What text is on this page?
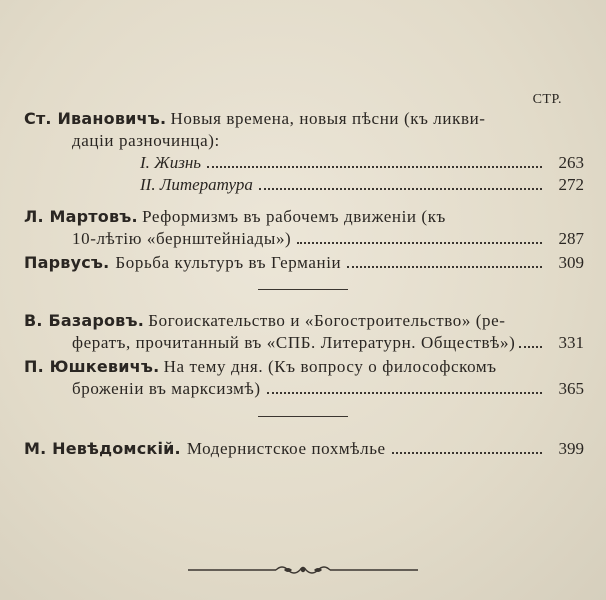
СТР.
Ст. Ивановичъ. Новыя времена, новыя пѣсни (къ ликви-
даціи разночинца):
I. Жизнь	263
II. Литература	272
Л. Мартовъ. Реформизмъ въ рабочемъ движеніи (къ
10-лѣтію «бернштейніады»)	287
Парвусъ. Борьба культуръ въ Германіи	309
В. Базаровъ. Богоискательство и «Богостроительство» (ре-
фератъ, прочитанный въ «СПБ. Литературн. Обществѣ»)	331
П. Юшкевичъ. На тему дня. (Къ вопросу о философскомъ
броженіи въ марксизмѣ)	365
М. Невѣдомскій. Модернистское похмѣлье	399
